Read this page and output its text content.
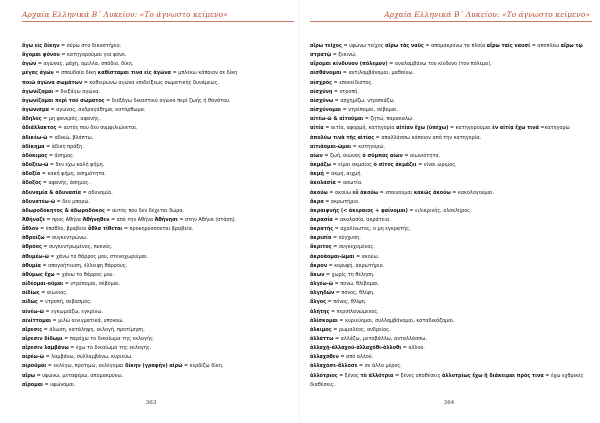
Αρχαία Ελληνικά Β΄ Λυκείου: «Το άγνωστο κείμενο»
ἄγω εἰς δίκην = σύρω στο δικαστήριο.
ἄγομαι φόνου = κατηγορούμαι για φόνο.
ἀγών = αγώνας, μάχη, αμιλλα, σπάδιο, δίκη.
μέγας ἀγών = σπουδαία δίκη καθίσταμαι τινα εἰς ἀγῶνα = μπλέκω κάποιον σε δίκη
ποιῶ ἀγῶνα σωμάτων = καθιερώνω αγώνα επιδείξεως σωματικής δυνάμεως.
ἀγωνίζομαι = διεξάγω αγώνα.
ἀγωνίζομαι περὶ τοῦ σώματος = διεξάγω δικαστικό αγώνα περί ζωής ή θανάτου.
ἀγώνισμα = αγώνας, ανδραγάθημα, κατόρθωμα.
ἄδηλος = μη φανερός, αφανής.
ἀδιάλλακτος = αυτός που δεν συμφιλιώνεται.
ἀδικέω-ῶ = αδικώ, βλάπτω.
ἀδίκημα = άδικη πράξη.
ἀδόκιμος = άσημος.
ἀδοξέω-ῶ = δεν έχω καλή φήμη.
ἀδοξία = κακή φήμη, ασημότητα.
ἄδοξος = αφανής, άσημος.
ἀδυναμία & ἀδυνασία = αδυναμία.
ἀδυνατέω-ῶ = δεν μπορώ.
ἀδωροδόκητος & ἀδωροδόκος = αυτός που δεν δέχεται δώρα.
Ἀθήναζε = προς Αθήνα Ἀθήνηθεν = από την Αθήνα Ἀθήνησι = στην Αθήνα (στάση).
ἆθλον = έπαθλο, βραβείο ἆθλα τίθεται = προκηρύσσονται βραβεία.
ἀθροίζω = συγκεντρώνω.
ἀθρόος = συγκεντρωμένος, πυκνός.
ἀθυμέω-ῶ = χάνω το θάρρος μου, στενοχωριέμαι.
ἀθυμία = απογοήτευση, έλλειψη θάρρους.
ἀθύμως ἔχω = χάνω το θάρρος μου.
αἰδέομαι-οῦμαι = ντρέπομαι, σέβομαι.
αἰδίως = αιώνιος.
αἰδώς = ντροπή, σεβασμός.
αἰνέω-ῶ = εγκωμιάζω, εγκρίνω.
αἰνίττομαι = μιλώ αινιγματικά, υπονοώ.
αἵρεσις = άλωση, κατάληψη, εκλογή, προτίμηση.
αἵρεσιν δίδωμι = παρέχω το δικαίωμα της εκλογής.
αἵρεσιν λαμβάνω = έχω το δικαίωμα της εκλογής.
αἱρέω-ῶ = λαμβάνω, συλλαμβάνω, κυριεύω.
αἱροῦμαι = εκλέγω, προτιμώ, εκλέγομαι δίκην (γραφήν) αἱρῶ = κερδίζω δίκη.
αἴρω = υψώνω, μεταφέρω, απομακρύνω.
αἴρομαι = υψώνομαι.
363
Αρχαία Ελληνικά Β΄ Λυκείου: «Το άγνωστο κείμενο»
αἴρω τεῖχος = υψώνω τείχος αἴρω τὰς ναῦς = απομακρύνω τα πλοία αἴρω ταῖς ναυσί = αποπλέω αἴρω τῷ στρατῷ = ξεκινώ.
αἴρομαι κίνδυνον (πόλεμον) = αναλαμβάνω τον κίνδυνο (τον πόλεμο).
αἰσθάνομαι = αντιλαμβάνομαι, μαθαίνω.
αἰσχρός = επονείδιστος.
αἰσχύνη = ντροπή.
αἰσχύνω = ασχημίζω, ντροπιάζω.
αἰσχύνομαι = ντρέπομαι, σέβομαι.
αἰτέω-ῶ & αἰτοῦμαι = ζητώ, παρακαλώ.
αἰτία = αιτία, αφορμή, κατηγορία αἰτίαν ἔχω (ὑπέχω) = κατηγορούμαι ἐν αἰτίᾳ ἔχω τινά =κατηγορώ ἀπολύω τινὰ τῆς αἰτίας = απαλλάσσω κάποιον από την κατηγορία.
αἰτιάομαι-ῶμαι = κατηγορώ.
αἰών = ζωή, αιώνας ὁ σύμπας αἰών = αιωνιότητα.
ἀκμάζω = είμαι ακμαίος ὁ σῖτος ἀκμάζει = είναι ώριμος.
ἀκμή = ακμή, αιχμή.
ἀκολασία = ασωτία.
ἀκούω = ακούω εὖ ἀκούω = επαινούμαι κακῶς ἀκούω = κακολογούμαι.
ἄκρα = ακρωτήριο.
ἀκραιφνής (< ἀκεραιος + φαίνομαι) = ειλικρινής, ολόκληρος.
ἀκρασία = ακολασία, ακράτεια.
ἀκρατής = αχαλίνωτος, ο μη εγκρατής.
ἀκρισία = σύγχυση.
ἄκριτος = συγκεχυμένος.
ἀκροάομαι-ῶμαι = ακούω.
ἄκρον = κορυφή, ακρωτήριο.
ἄκων = χωρίς τη θέληση.
ἀλγέω-ῶ = πονώ, θλίβομαι.
ἀλγηδών = πόνος, θλίψη.
ἄλγος = πόνος, θλίψη.
ἀλήτης = περιπλανώμενος.
ἁλίσκομαι = κυριεύομαι, συλλαμβάνομαι, καταδικάζομαι.
ἀλκιμος = ρωμαλέος, ανδρείος.
ἀλλάττω = αλλάζω, μεταβάλλω, ανταλλάσσω.
ἀλλαχῇ-ἀλλαχοῦ-ἀλλαχόθι-ἀλλοθι = αλλού.
ἀλλαχόθεν = από αλλού.
ἀλλαχόσε-ἄλλοσε = σε άλλο μέρος.
ἀλλότριος = ξένος τὸ ἀλλότρια = ξένες υποθέσεις ἀλλοτρίως ἔχω ἢ διάκειμαι πρός τινα = έχω εχθρικές διαθέσεις.
364
